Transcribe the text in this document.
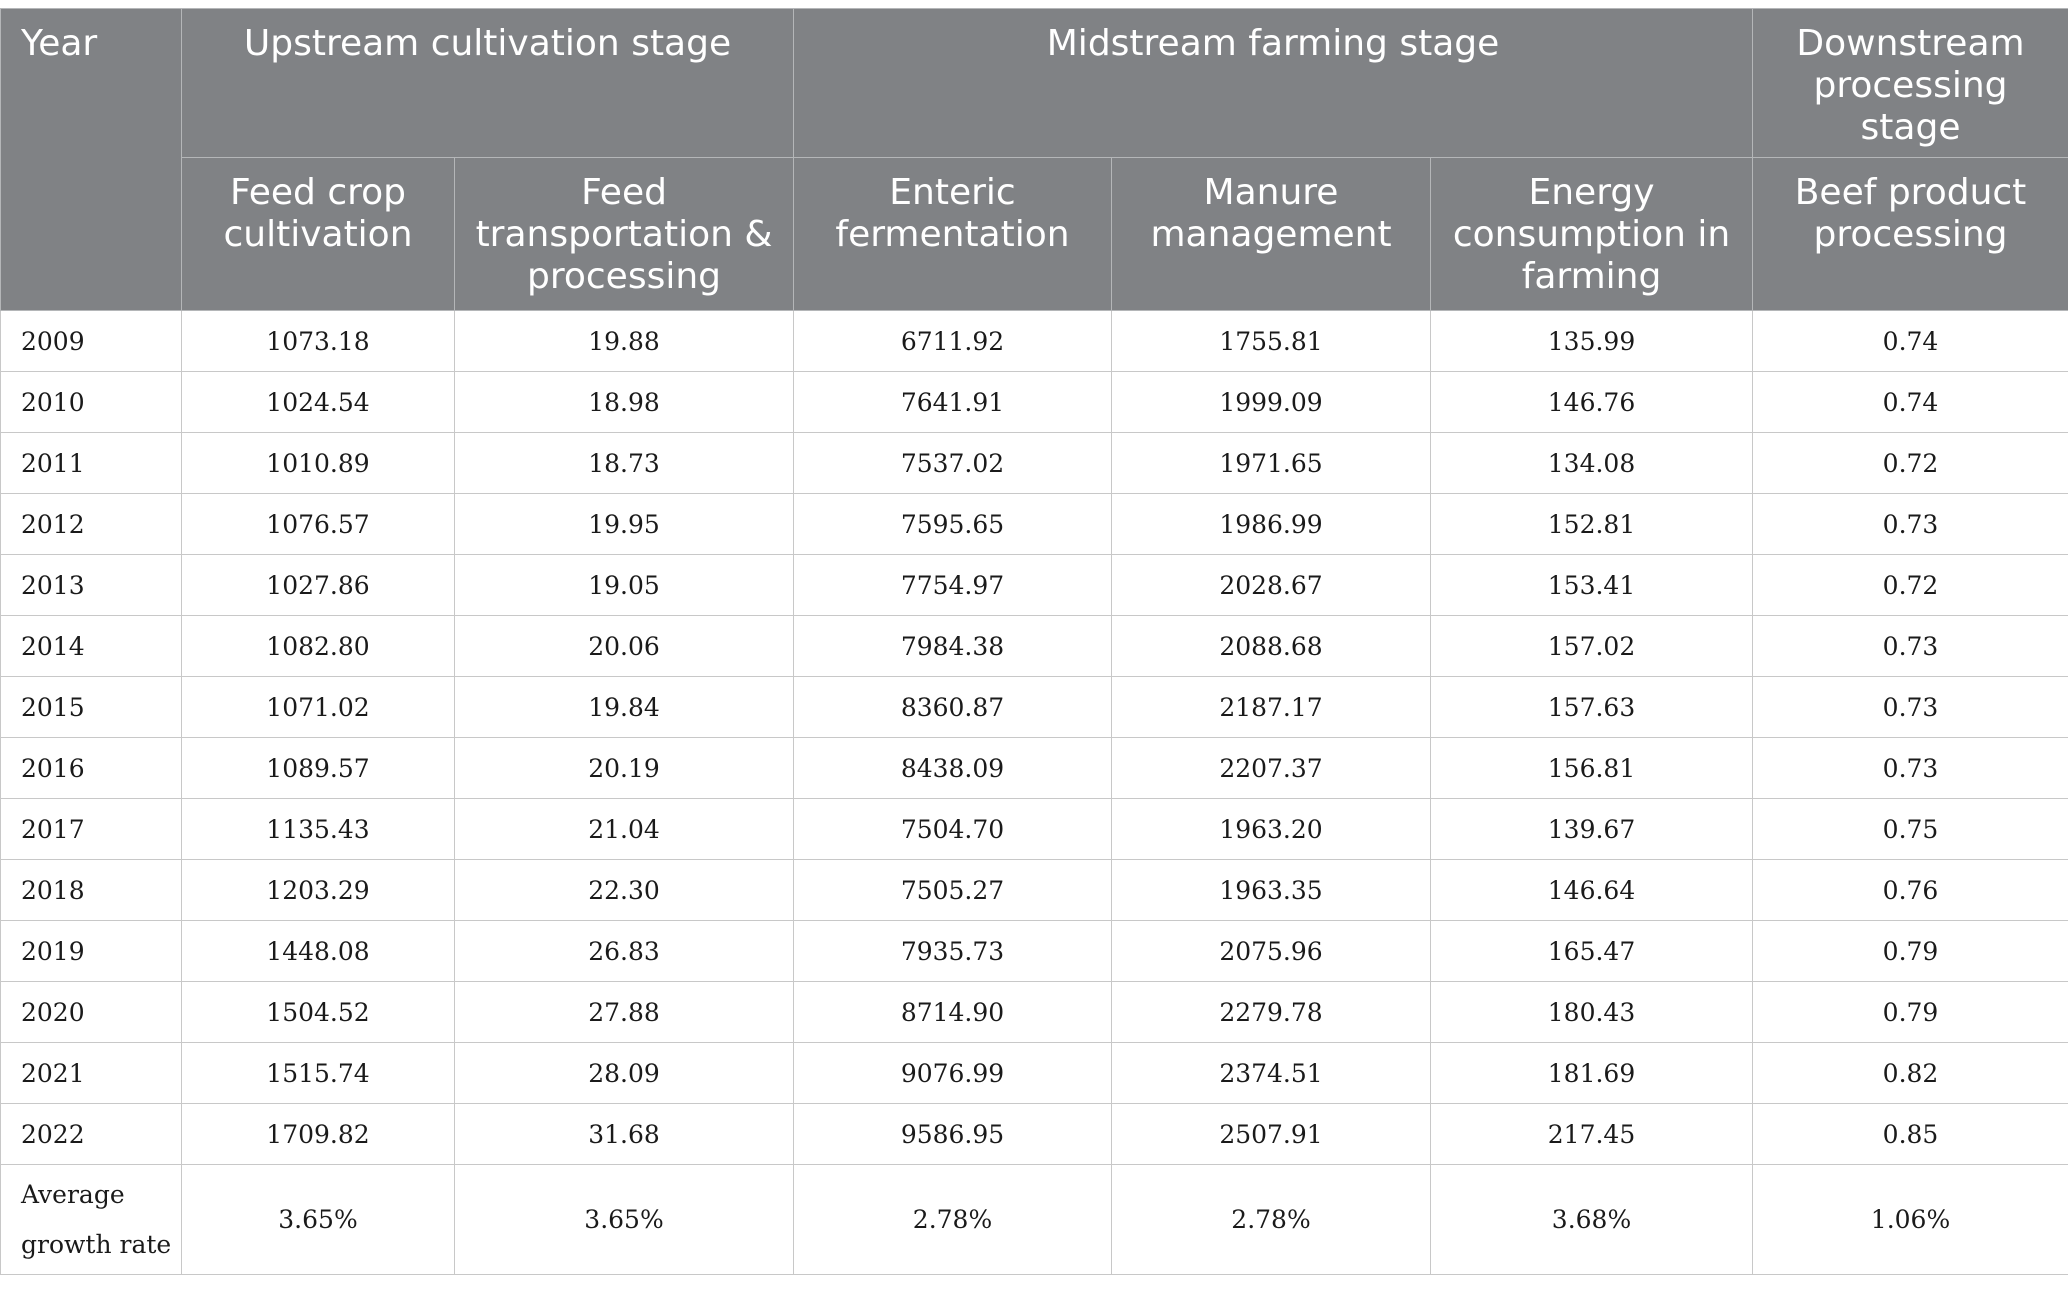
Year	Upstream cultivation stage		Midstream farming stage			Downstream processing stage
	Feed crop cultivation	Feed transportation & processing	Enteric fermentation	Manure management	Energy consumption in farming	Beef product processing
2009	1073.18	19.88	6711.92	1755.81	135.99	0.74
2010	1024.54	18.98	7641.91	1999.09	146.76	0.74
2011	1010.89	18.73	7537.02	1971.65	134.08	0.72
2012	1076.57	19.95	7595.65	1986.99	152.81	0.73
2013	1027.86	19.05	7754.97	2028.67	153.41	0.72
2014	1082.80	20.06	7984.38	2088.68	157.02	0.73
2015	1071.02	19.84	8360.87	2187.17	157.63	0.73
2016	1089.57	20.19	8438.09	2207.37	156.81	0.73
2017	1135.43	21.04	7504.70	1963.20	139.67	0.75
2018	1203.29	22.30	7505.27	1963.35	146.64	0.76
2019	1448.08	26.83	7935.73	2075.96	165.47	0.79
2020	1504.52	27.88	8714.90	2279.78	180.43	0.79
2021	1515.74	28.09	9076.99	2374.51	181.69	0.82
2022	1709.82	31.68	9586.95	2507.91	217.45	0.85
Average
growth rate	3.65%	3.65%	2.78%	2.78%	3.68%	1.06%
